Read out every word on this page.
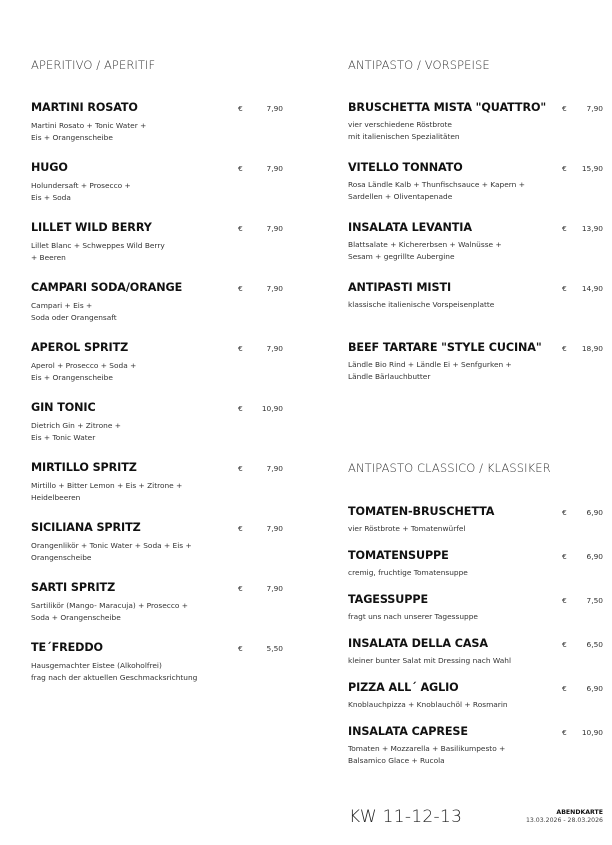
APERITIVO / APERITIF
MARTINI ROSATO
Martini Rosato + Tonic Water +
Eis + Orangenscheibe
€	7,90
HUGO
Holundersaft + Prosecco +
Eis + Soda
€	7,90
LILLET WILD BERRY
Lillet Blanc + Schweppes Wild Berry
+ Beeren
€	7,90
CAMPARI SODA/ORANGE
Campari + Eis +
Soda oder Orangensaft
€	7,90
APEROL SPRITZ
Aperol + Prosecco + Soda +
Eis + Orangenscheibe
€	7,90
GIN TONIC
Dietrich Gin + Zitrone +
Eis + Tonic Water
€	10,90
MIRTILLO SPRITZ
Mirtillo + Bitter Lemon + Eis + Zitrone +
Heidelbeeren
€	7,90
SICILIANA SPRITZ
Orangenlikör + Tonic Water + Soda + Eis +
Orangenscheibe
€	7,90
SARTI SPRITZ
Sartilikör (Mango- Maracuja) + Prosecco +
Soda + Orangenscheibe
€	7,90
TE´FREDDO
Hausgemachter Eistee (Alkoholfrei)
frag nach der aktuellen Geschmacksrichtung
€	5,50
ANTIPASTO / VORSPEISE
BRUSCHETTA MISTA "QUATTRO"
vier verschiedene Röstbrote
mit italienischen Spezialitäten
€	7,90
VITELLO TONNATO
Rosa Ländle Kalb + Thunfischsauce + Kapern +
Sardellen + Oliventapenade
€	15,90
INSALATA LEVANTIA
Blattsalate + Kichererbsen + Walnüsse +
Sesam + gegrillte Aubergine
€	13,90
ANTIPASTI MISTI
klassische italienische Vorspeisenplatte
€	14,90
BEEF TARTARE "STYLE CUCINA"
Ländle Bio Rind + Ländle Ei + Senfgurken +
Ländle Bärlauchbutter
€	18,90
ANTIPASTO CLASSICO / KLASSIKER
TOMATEN-BRUSCHETTA
vier Röstbrote + Tomatenwürfel
€	6,90
TOMATENSUPPE
cremig, fruchtige Tomatensuppe
€	6,90
TAGESSUPPE
fragt uns nach unserer Tagessuppe
€	7,50
INSALATA DELLA CASA
kleiner bunter Salat mit Dressing nach Wahl
€	6,50
PIZZA ALL´ AGLIO
Knoblauchpizza + Knoblauchöl + Rosmarin
€	6,90
INSALATA CAPRESE
Tomaten + Mozzarella + Basilikumpesto +
Balsamico Glace + Rucola
€	10,90
KW 11-12-13	ABENDKARTE
13.03.2026 - 28.03.2026
